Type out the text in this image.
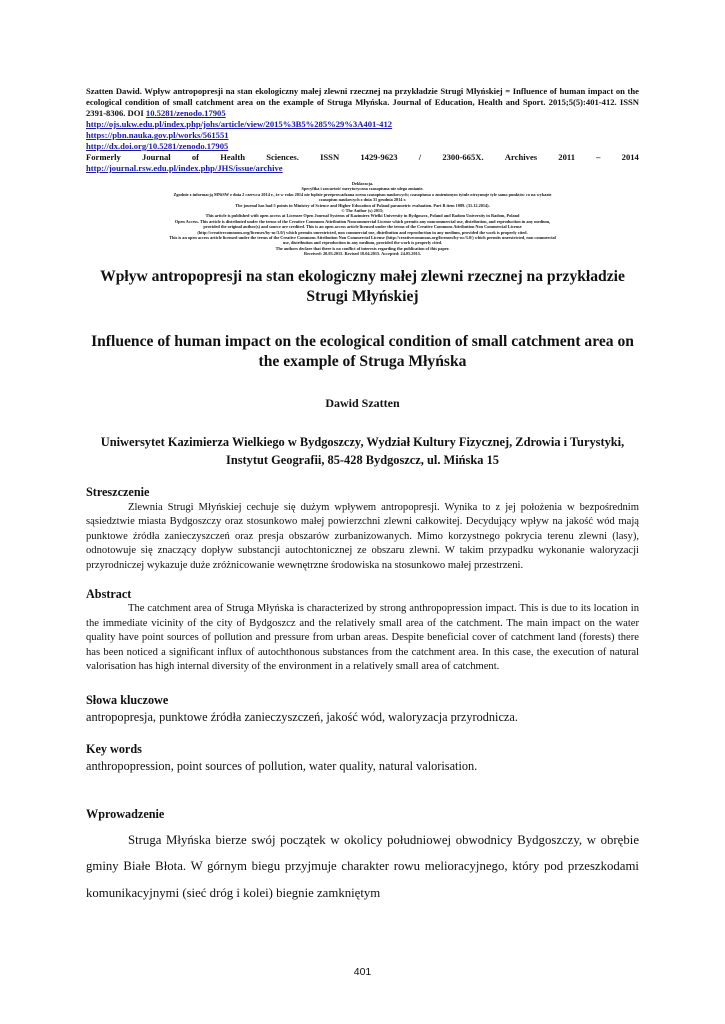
Szatten Dawid. Wpływ antropopresji na stan ekologiczny małej zlewni rzecznej na przykładzie Strugi Młyńskiej = Influence of human impact on the ecological condition of small catchment area on the example of Struga Młyńska. Journal of Education, Health and Sport. 2015;5(5):401-412. ISSN 2391-8306. DOI 10.5281/zenodo.17905
http://ojs.ukw.edu.pl/index.php/johs/article/view/2015%3B5%285%29%3A401-412
https://pbn.nauka.gov.pl/works/561551
http://dx.doi.org/10.5281/zenodo.17905
Formerly Journal of Health Sciences. ISSN 1429-9623 / 2300-665X. Archives 2011 – 2014
http://journal.rsw.edu.pl/index.php/JHS/issue/archive
Deklaracja.
Specyfika i zawartość merytoryczna czasopisma nie ulega zmianie.
Zgodnie z informacją MNiSW z dnia 2 czerwca 2014 r., że w roku 2014 nie będzie przeprowadzana ocena czasopism naukowych; czasopismo o zmienionym tytule otrzymuje tyle samo punktów co na wykazie
czasopism naukowych z dnia 31 grudnia 2014 r.
The journal has had 5 points in Ministry of Science and Higher Education of Poland parametric evaluation. Part B item 1089. (31.12.2014).
© The Author (s) 2015;
This article is published with open access at Licensee Open Journal Systems of Kazimierz Wielki University in Bydgoszcz, Poland and Radom University in Radom, Poland
Open Access. This article is distributed under the terms of the Creative Commons Attribution Noncommercial License which permits any noncommercial use, distribution, and reproduction in any medium,
provided the original author(s) and source are credited. This is an open access article licensed under the terms of the Creative Commons Attribution Non Commercial License
(http://creativecommons.org/licenses/by-nc/3.0/) which permits unrestricted, non commercial use, distribution and reproduction in any medium, provided the work is properly cited.
This is an open access article licensed under the terms of the Creative Commons Attribution Non Commercial License (http://creativecommons.org/licenses/by-nc/3.0/) which permits unrestricted, non commercial
use, distribution and reproduction in any medium, provided the work is properly cited.
The authors declare that there is no conflict of interests regarding the publication of this paper.
Received: 20.03.2015. Revised 18.04.2015. Accepted: 24.05.2015.
Wpływ antropopresji na stan ekologiczny małej zlewni rzecznej na przykładzie Strugi Młyńskiej
Influence of human impact on the ecological condition of small catchment area on the example of Struga Młyńska
Dawid Szatten
Uniwersytet Kazimierza Wielkiego w Bydgoszczy, Wydział Kultury Fizycznej, Zdrowia i Turystyki, Instytut Geografii, 85-428 Bydgoszcz, ul. Mińska 15
Streszczenie
Zlewnia Strugi Młyńskiej cechuje się dużym wpływem antropopresji. Wynika to z jej położenia w bezpośrednim sąsiedztwie miasta Bydgoszczy oraz stosunkowo małej powierzchni zlewni całkowitej. Decydujący wpływ na jakość wód mają punktowe źródła zanieczyszczeń oraz presja obszarów zurbanizowanych. Mimo korzystnego pokrycia terenu zlewni (lasy), odnotowuje się znaczący dopływ substancji autochtonicznej ze obszaru zlewni. W takim przypadku wykonanie waloryzacji przyrodniczej wykazuje duże zróżnicowanie wewnętrzne środowiska na stosunkowo małej przestrzeni.
Abstract
The catchment area of Struga Młyńska is characterized by strong anthropopression impact. This is due to its location in the immediate vicinity of the city of Bydgoszcz and the relatively small area of the catchment. The main impact on the water quality have point sources of pollution and pressure from urban areas. Despite beneficial cover of catchment land (forests) there has been noticed a significant influx of autochthonous substances from the catchment area. In this case, the execution of natural valorisation has high internal diversity of the environment in a relatively small area of catchment.
Słowa kluczowe
antropopresja, punktowe źródła zanieczyszczeń, jakość wód, waloryzacja przyrodnicza.
Key words
anthropopression, point sources of pollution, water quality, natural valorisation.
Wprowadzenie
Struga Młyńska bierze swój początek w okolicy południowej obwodnicy Bydgoszczy, w obrębie gminy Białe Błota. W górnym biegu przyjmuje charakter rowu melioracyjnego, który pod przeszkodami komunikacyjnymi (sieć dróg i kolei) biegnie zamkniętym
401
